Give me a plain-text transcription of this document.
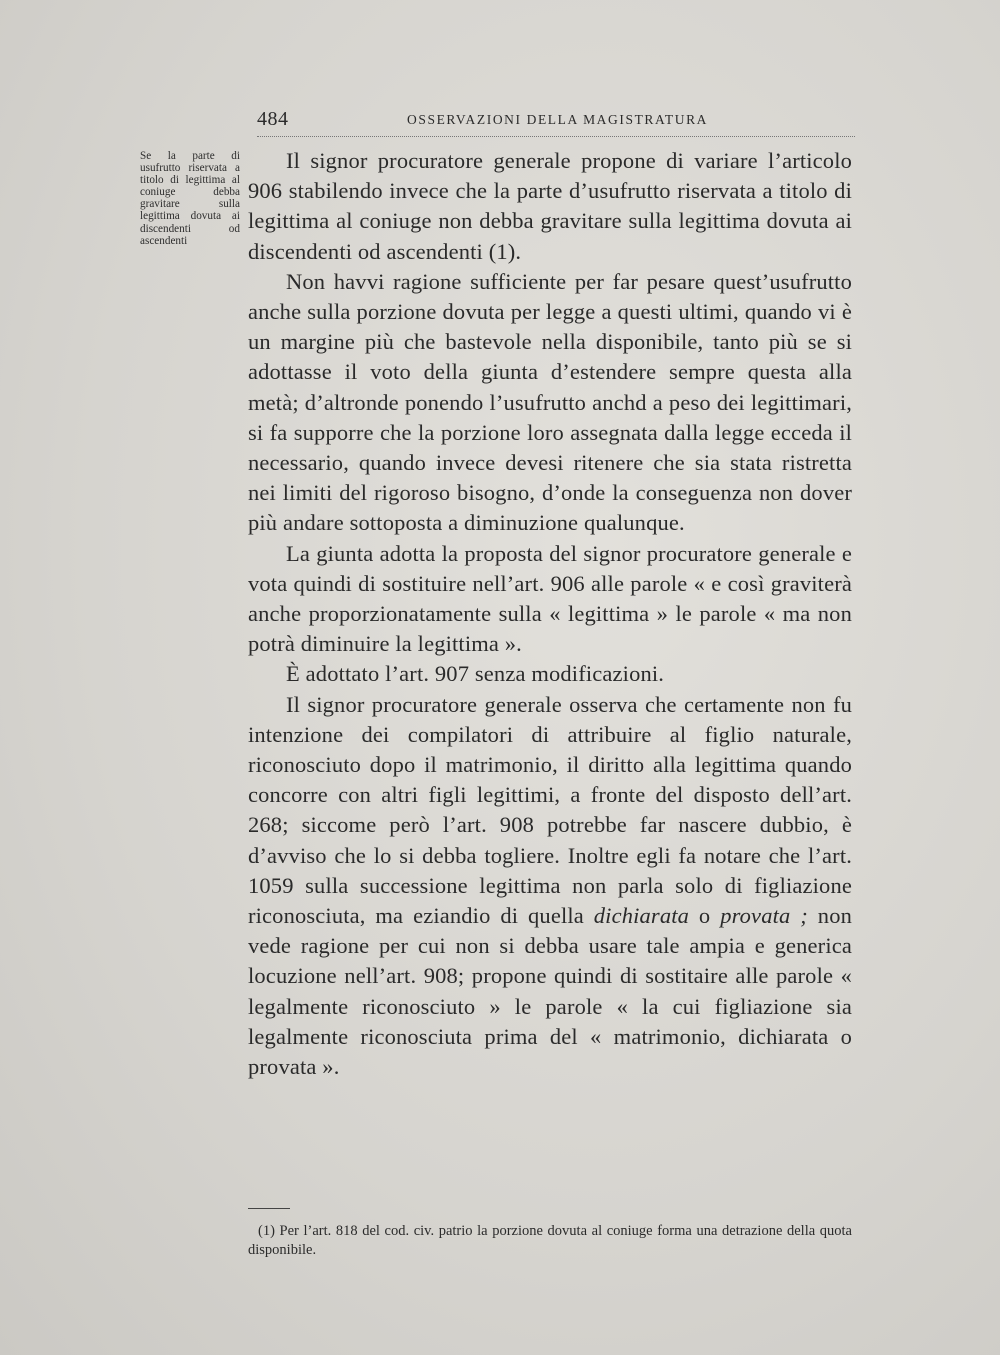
484	OSSERVAZIONI DELLA MAGISTRATURA
Se la parte di usufrutto riservata a titolo di legittima al coniuge debba gravitare sulla legittima dovuta ai discendenti od ascendenti

Il signor procuratore generale propone di variare l’articolo 906 stabilendo invece che la parte d’usufrutto riservata a titolo di legittima al coniuge non debba gravitare sulla legittima dovuta ai discendenti od ascendenti (1).

Non havvi ragione sufficiente per far pesare quest’usufrutto anche sulla porzione dovuta per legge a questi ultimi, quando vi è un margine più che bastevole nella disponibile, tanto più se si adottasse il voto della giunta d’estendere sempre questa alla metà; d’altronde ponendo l’usufrutto anchd a peso dei legittimari, si fa supporre che la porzione loro assegnata dalla legge ecceda il necessario, quando invece devesi ritenere che sia stata ristretta nei limiti del rigoroso bisogno, d’onde la conseguenza non dover più andare sottoposta a diminuzione qualunque.

La giunta adotta la proposta del signor procuratore generale e vota quindi di sostituire nell’art. 906 alle parole « e così graviterà anche proporzionatamente sulla « legittima » le parole « ma non potrà diminuire la legittima ».

È adottato l’art. 907 senza modificazioni.

Il signor procuratore generale osserva che certamente non fu intenzione dei compilatori di attribuire al figlio naturale, riconosciuto dopo il matrimonio, il diritto alla legittima quando concorre con altri figli legittimi, a fronte del disposto dell’art. 268; siccome però l’art. 908 potrebbe far nascere dubbio, è d’avviso che lo si debba togliere. Inoltre egli fa notare che l’art. 1059 sulla successione legittima non parla solo di figliazione riconosciuta, ma eziandio di quella dichiarata o provata ; non vede ragione per cui non si debba usare tale ampia e generica locuzione nell’art. 908; propone quindi di sostitaire alle parole « legalmente riconosciuto » le parole « la cui figliazione sia legalmente riconosciuta prima del « matrimonio, dichiarata o provata ».

(1) Per l’art. 818 del cod. civ. patrio la porzione dovuta al coniuge forma una detrazione della quota disponibile.
